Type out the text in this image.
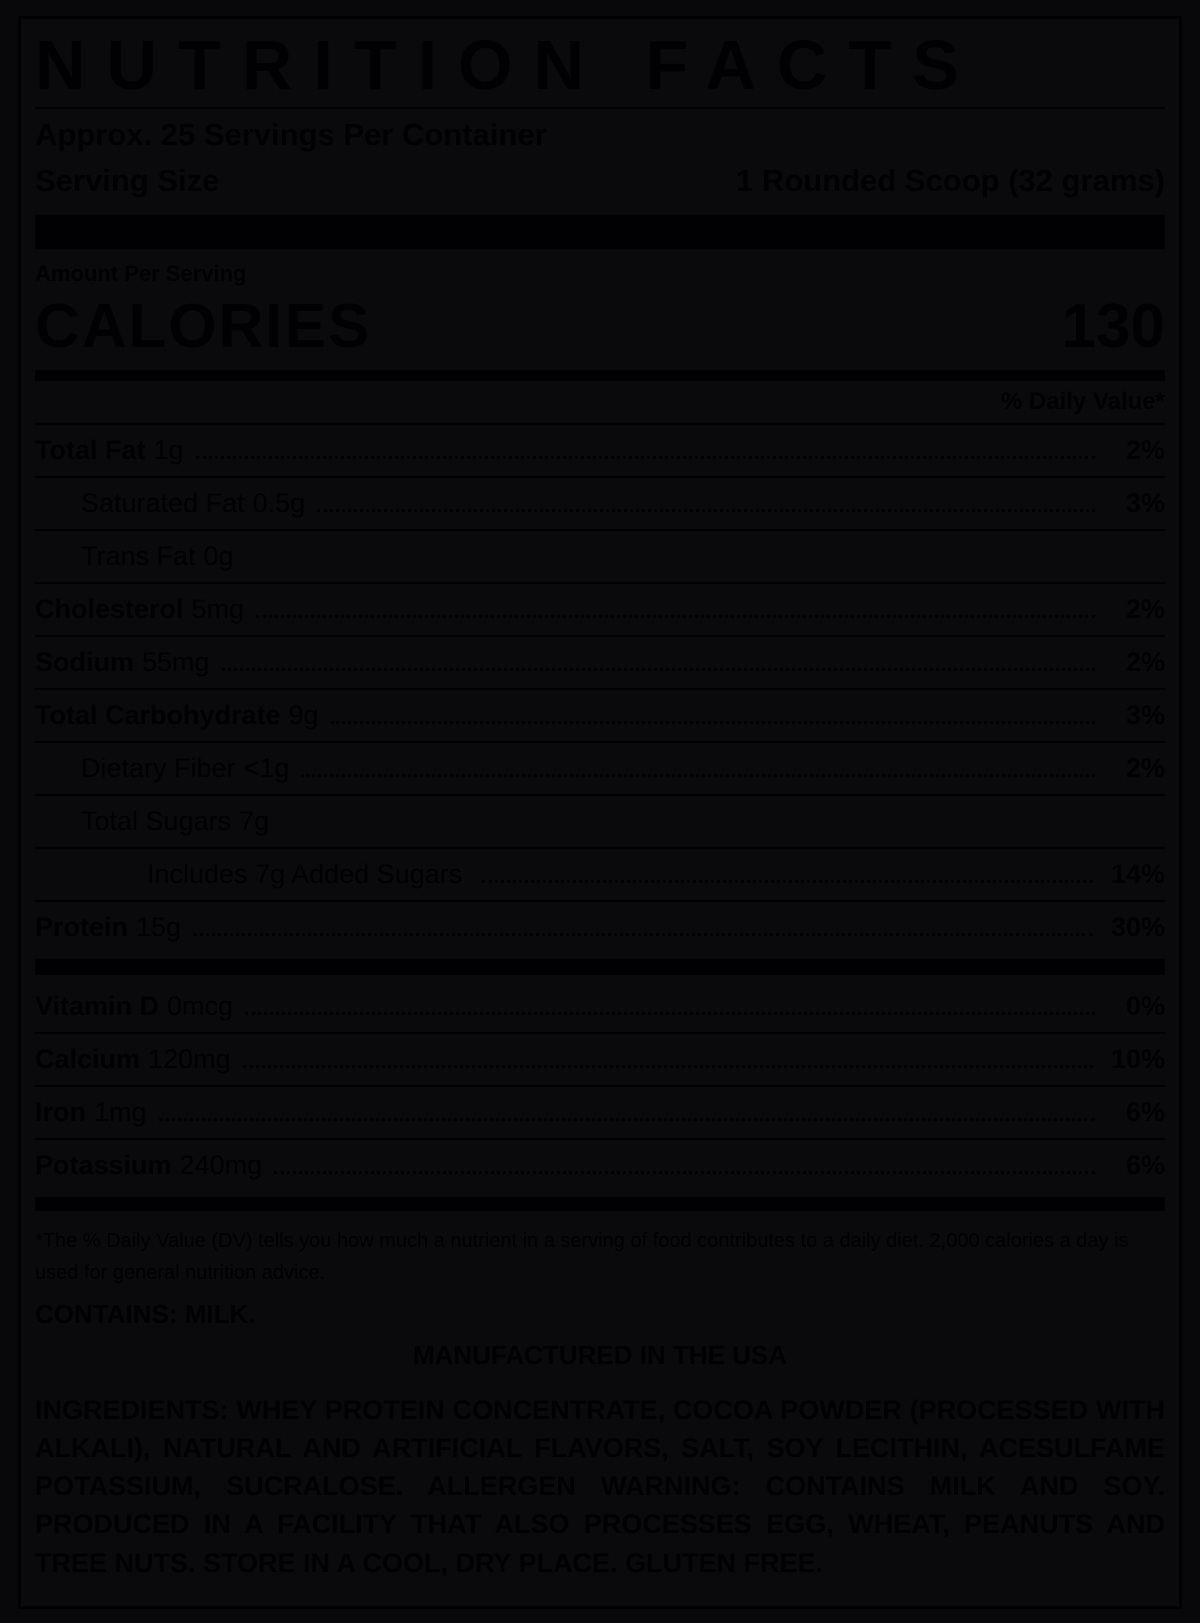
NUTRITION FACTS
Approx. 25 Servings Per Container
Serving Size	1 Rounded Scoop (32 grams)
Amount Per Serving
CALORIES	130
% Daily Value*
Total Fat 1g	2%
Saturated Fat 0.5g	3%
Trans Fat 0g
Cholesterol 5mg	2%
Sodium 55mg	2%
Total Carbohydrate 9g	3%
Dietary Fiber <1g	2%
Total Sugars 7g
Includes 7g Added Sugars	14%
Protein 15g	30%
Vitamin D 0mcg	0%
Calcium 120mg	10%
Iron 1mg	6%
Potassium 240mg	6%
*The % Daily Value (DV) tells you how much a nutrient in a serving of food contributes to a daily diet. 2,000 calories a day is used for general nutrition advice.
CONTAINS: MILK.
MANUFACTURED IN THE USA
INGREDIENTS: WHEY PROTEIN CONCENTRATE, COCOA POWDER (PROCESSED WITH ALKALI), NATURAL AND ARTIFICIAL FLAVORS, SALT, SOY LECITHIN, ACESULFAME POTASSIUM, SUCRALOSE. ALLERGEN WARNING: CONTAINS MILK AND SOY. PRODUCED IN A FACILITY THAT ALSO PROCESSES EGG, WHEAT, PEANUTS AND TREE NUTS. STORE IN A COOL, DRY PLACE. GLUTEN FREE.
